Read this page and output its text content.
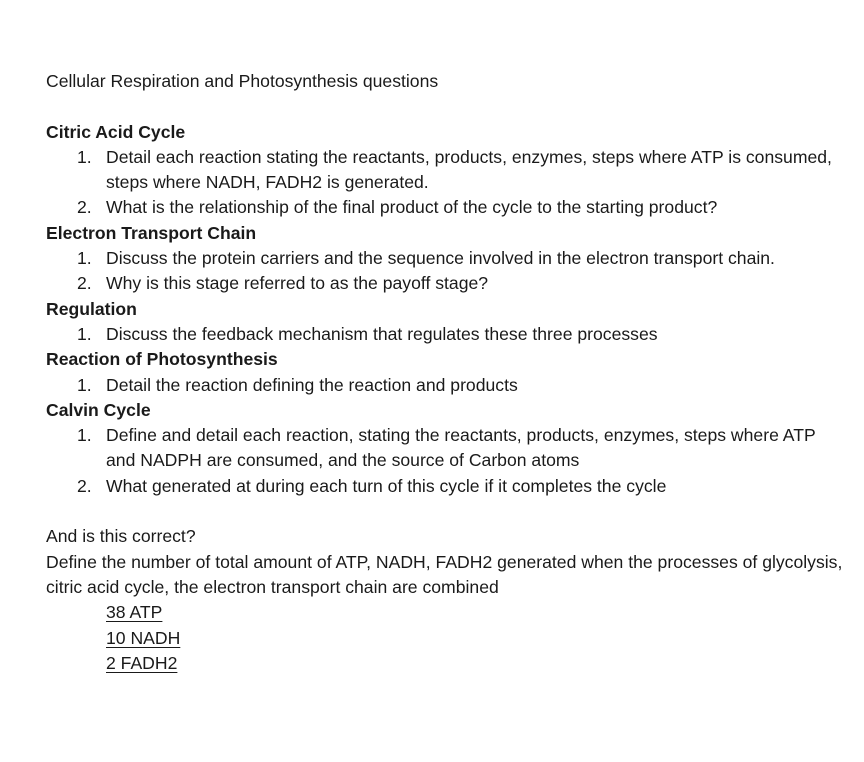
Cellular Respiration and Photosynthesis questions

Citric Acid Cycle

1. Detail each reaction stating the reactants, products, enzymes, steps where ATP is consumed, steps where NADH, FADH2 is generated.
2. What is the relationship of the final product of the cycle to the starting product?

Electron Transport Chain

1. Discuss the protein carriers and the sequence involved in the electron transport chain.
2. Why is this stage referred to as the payoff stage?

Regulation

1. Discuss the feedback mechanism that regulates these three processes

Reaction of Photosynthesis

1. Detail the reaction defining the reaction and products

Calvin Cycle

1. Define and detail each reaction, stating the reactants, products, enzymes, steps where ATP and NADPH are consumed, and the source of Carbon atoms
2. What generated at during each turn of this cycle if it completes the cycle

And is this correct?

Define the number of total amount of ATP, NADH, FADH2 generated when the processes of glycolysis, citric acid cycle, the electron transport chain are combined

38 ATP
10 NADH
2 FADH2
